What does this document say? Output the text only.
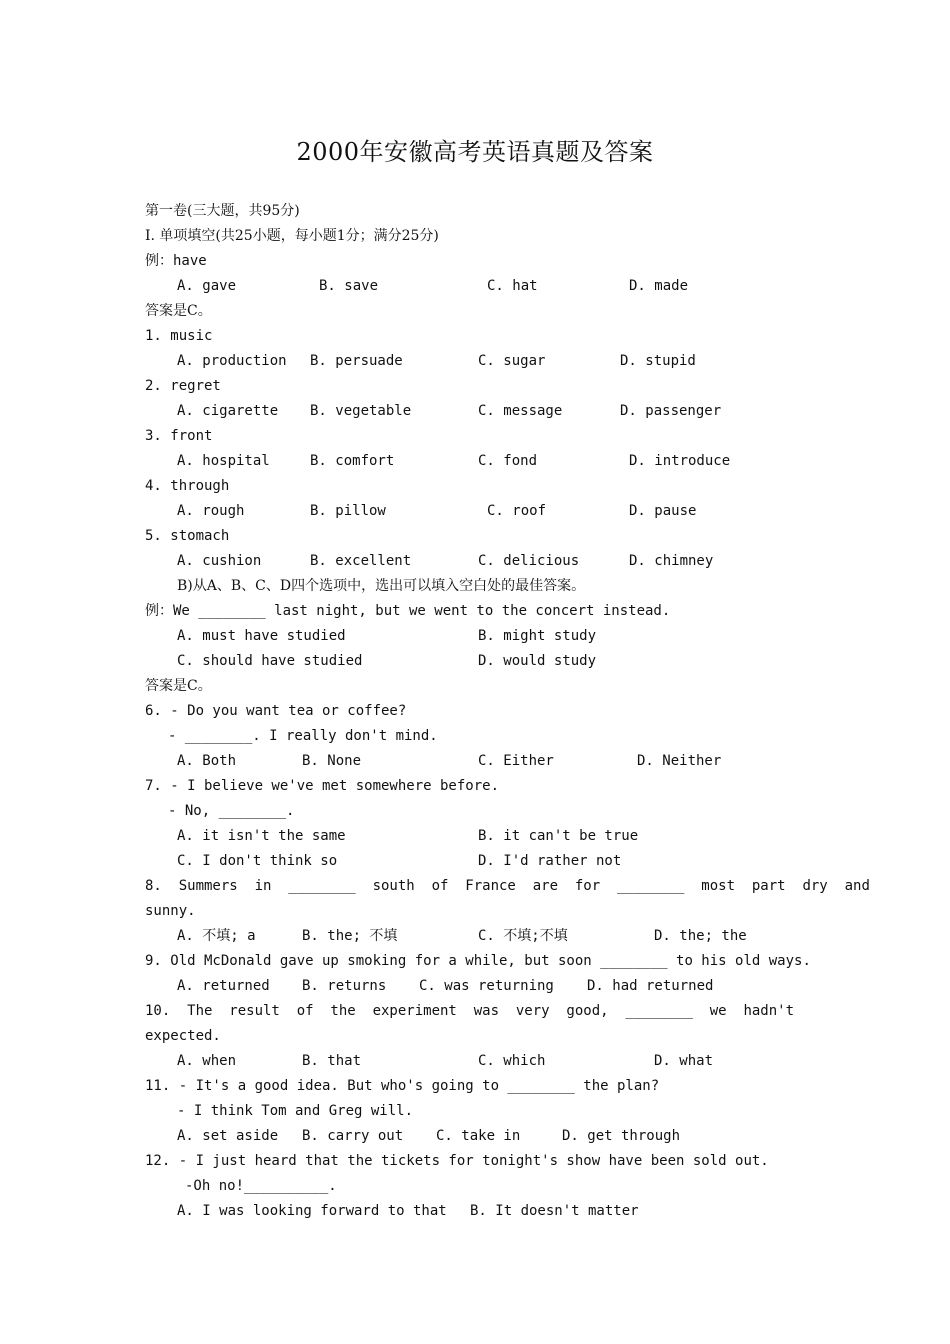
2000年安徽高考英语真题及答案
第一卷(三大题，共95分)
I. 单项填空(共25小题，每小题1分；满分25分)
例：have
A. gave	B. save	C. hat	D. made
答案是C。
1. music
A. production B. persuade	C. sugar	D. stupid
2. regret
A. cigarette B. vegetable	C. message	D. passenger
3. front
A. hospital	B. comfort	C. fond	D. introduce
4. through
A. rough	B. pillow	C. roof	D. pause
5. stomach
A. cushion	B. excellent	C. delicious	D. chimney
B)从A、B、C、D四个选项中，选出可以填入空白处的最佳答案。
例：We ________ last night, but we went to the concert instead.
A. must have studied	B. might study
C. should have studied	D. would study
答案是C。
6. - Do you want tea or coffee?
- ________. I really don't mind.
A. Both	B. None	C. Either	D. Neither
7. - I believe we've met somewhere before.
- No, ________.
A. it isn't the same	B. it can't be true
C. I don't think so	D. I'd rather not
8.  Summers  in  ________  south  of  France  are  for  ________  most  part  dry  and
sunny.
A. 不填; a	B. the; 不填	C. 不填;不填	D. the; the
9. Old McDonald gave up smoking for a while, but soon ________ to his old ways.
A. returned B. returns C. was returning D. had returned
10.  The  result  of  the  experiment  was  very  good,  ________  we  hadn't
expected.
A. when	B. that	C. which	D. what
11. - It's a good idea. But who's going to ________ the plan?
- I think Tom and Greg will.
A. set aside B. carry out C. take in	D. get through
12. - I just heard that the tickets for tonight's show have been sold out.
-Oh no!__________.
A. I was looking forward to that B. It doesn't matter
